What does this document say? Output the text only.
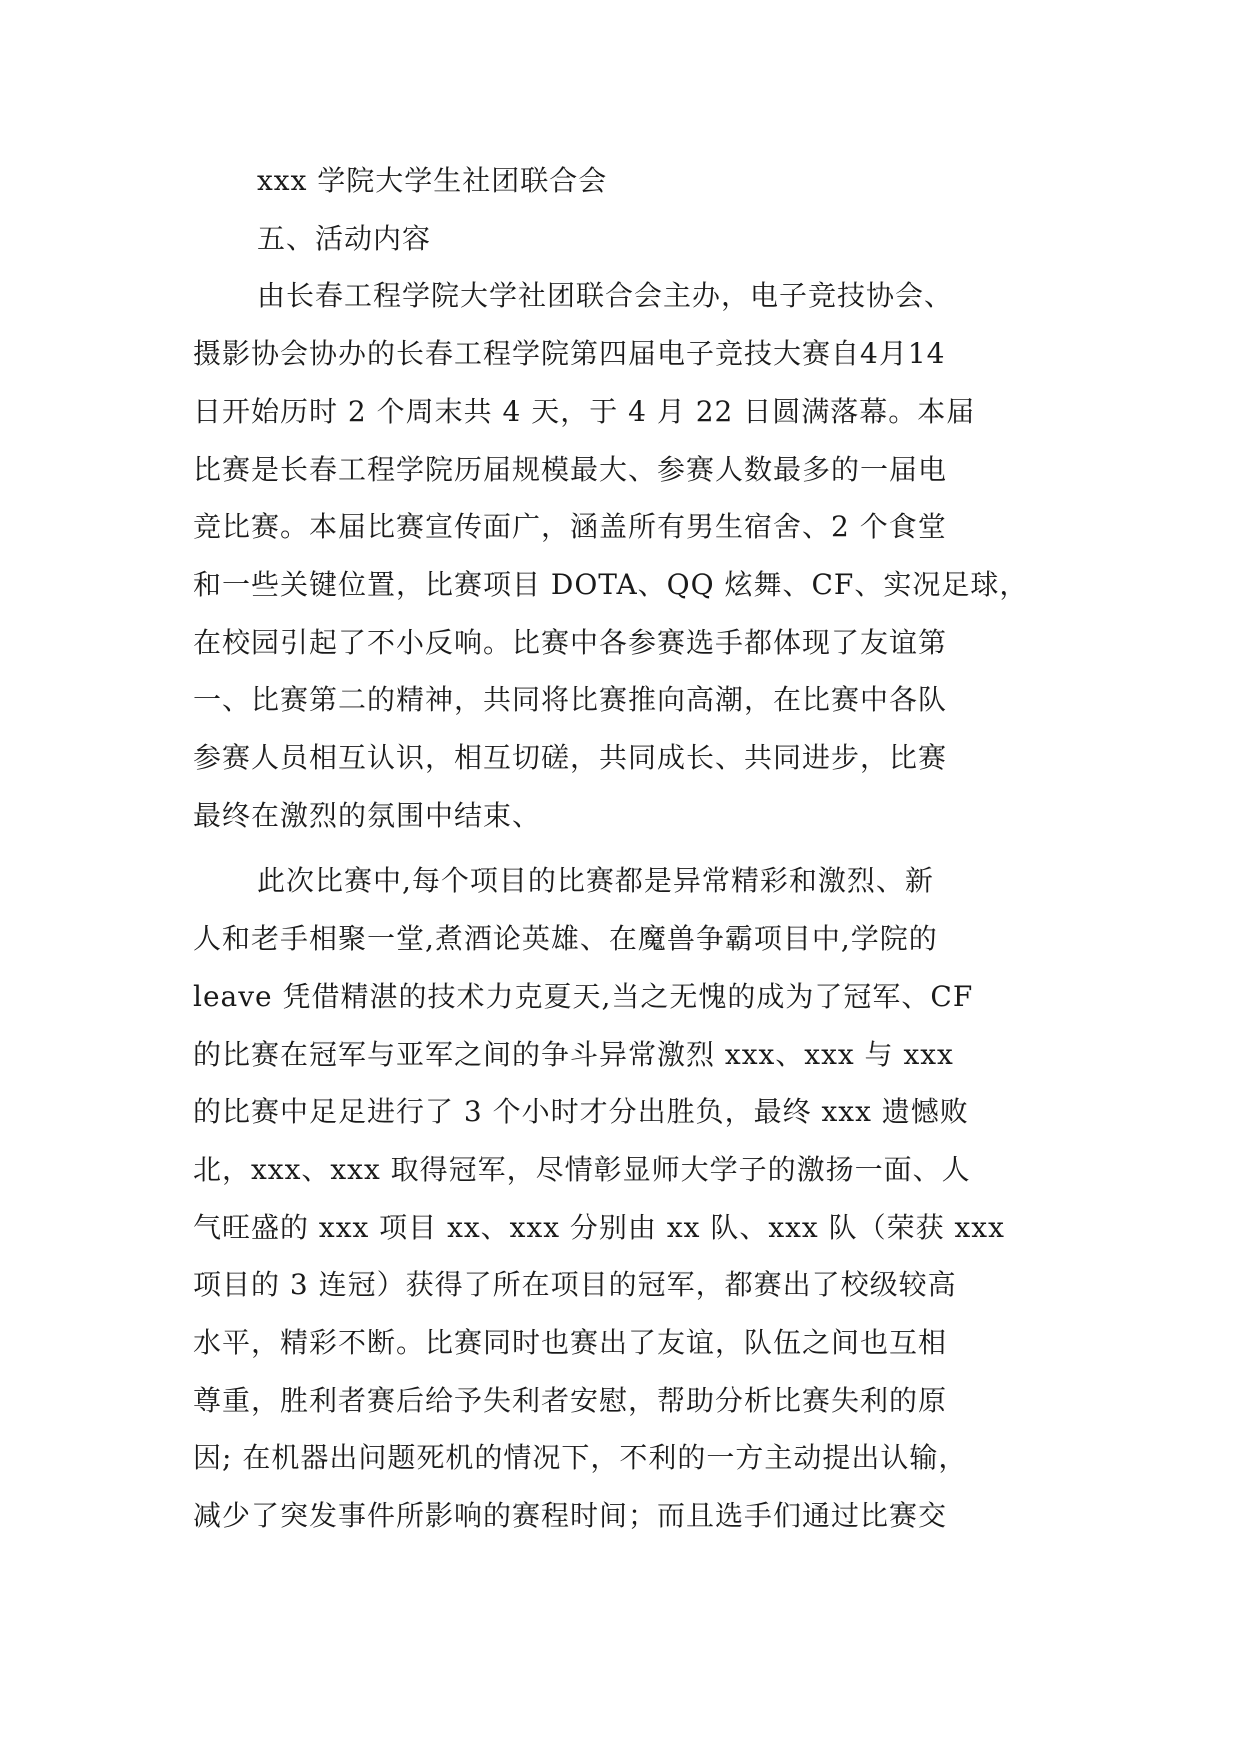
xxx 学院大学生社团联合会
五、活动内容
由长春工程学院大学社团联合会主办，电子竞技协会、
摄影协会协办的长春工程学院第四届电子竞技大赛自4月14
日开始历时 2 个周末共 4 天，于 4 月 22 日圆满落幕。本届
比赛是长春工程学院历届规模最大、参赛人数最多的一届电
竞比赛。本届比赛宣传面广，涵盖所有男生宿舍、2 个食堂
和一些关键位置，比赛项目 DOTA、QQ 炫舞、CF、实况足球，
在校园引起了不小反响。比赛中各参赛选手都体现了友谊第
一、比赛第二的精神，共同将比赛推向高潮，在比赛中各队
参赛人员相互认识，相互切磋，共同成长、共同进步，比赛
最终在激烈的氛围中结束、
此次比赛中,每个项目的比赛都是异常精彩和激烈、新
人和老手相聚一堂,煮酒论英雄、在魔兽争霸项目中,学院的
leave 凭借精湛的技术力克夏天,当之无愧的成为了冠军、CF
的比赛在冠军与亚军之间的争斗异常激烈 xxx、xxx 与 xxx
的比赛中足足进行了 3 个小时才分出胜负，最终 xxx 遗憾败
北，xxx、xxx 取得冠军，尽情彰显师大学子的激扬一面、人
气旺盛的 xxx 项目 xx、xxx 分别由 xx 队、xxx 队（荣获 xxx
项目的 3 连冠）获得了所在项目的冠军，都赛出了校级较高
水平，精彩不断。比赛同时也赛出了友谊，队伍之间也互相
尊重，胜利者赛后给予失利者安慰，帮助分析比赛失利的原
因; 在机器出问题死机的情况下，不利的一方主动提出认输，
减少了突发事件所影响的赛程时间；而且选手们通过比赛交
